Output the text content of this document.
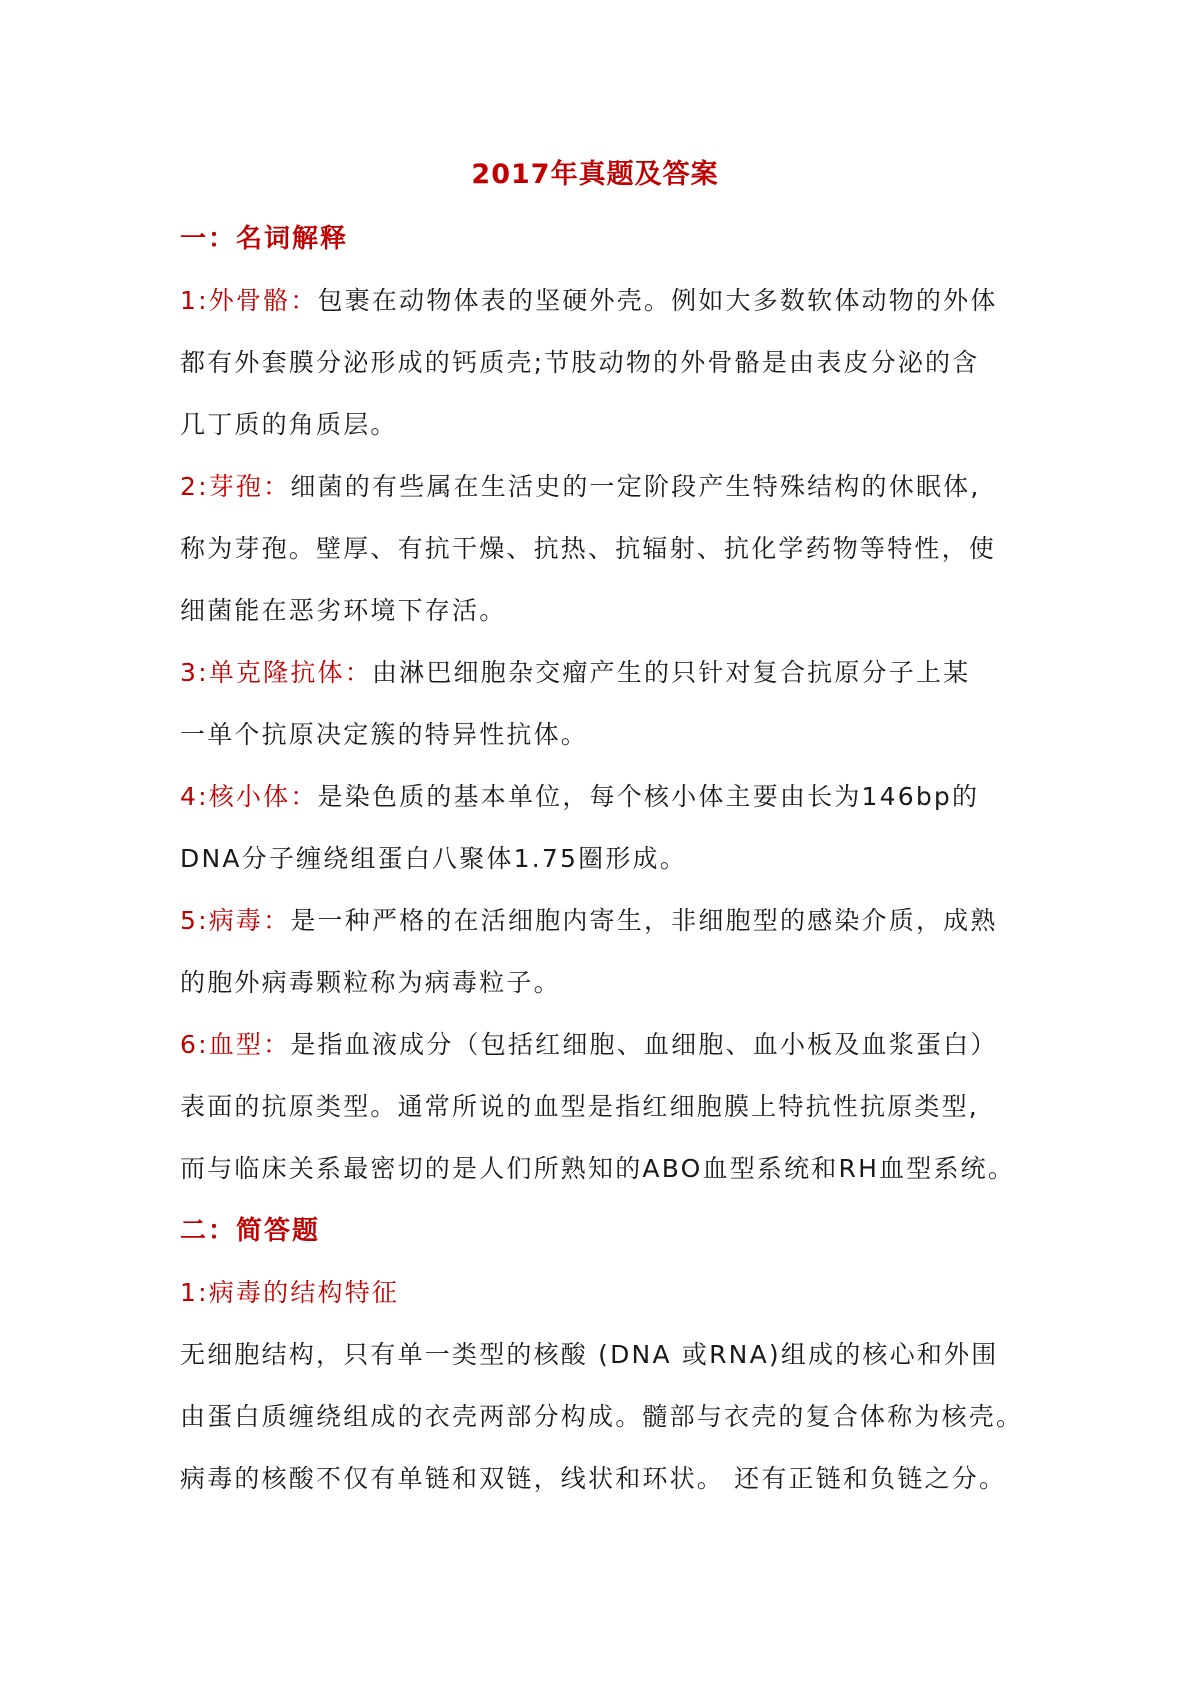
2017年真题及答案
一：名词解释
1:外骨骼：包裹在动物体表的坚硬外壳。例如大多数软体动物的外体
都有外套膜分泌形成的钙质壳;节肢动物的外骨骼是由表皮分泌的含
几丁质的角质层。
2:芽孢：细菌的有些属在生活史的一定阶段产生特殊结构的休眠体,
称为芽孢。壁厚、有抗干燥、抗热、抗辐射、抗化学药物等特性，使
细菌能在恶劣环境下存活。
3:单克隆抗体：由淋巴细胞杂交瘤产生的只针对复合抗原分子上某
一单个抗原决定簇的特异性抗体。
4:核小体：是染色质的基本单位，每个核小体主要由长为146bp的
DNA分子缠绕组蛋白八聚体1.75圈形成。
5:病毒：是一种严格的在活细胞内寄生，非细胞型的感染介质，成熟
的胞外病毒颗粒称为病毒粒子。
6:血型：是指血液成分（包括红细胞、血细胞、血小板及血浆蛋白）
表面的抗原类型。通常所说的血型是指红细胞膜上特抗性抗原类型,
而与临床关系最密切的是人们所熟知的ABO血型系统和RH血型系统。
二：简答题
1:病毒的结构特征
无细胞结构，只有单一类型的核酸 (DNA 或RNA)组成的核心和外围
由蛋白质缠绕组成的衣壳两部分构成。髓部与衣壳的复合体称为核壳。
病毒的核酸不仅有单链和双链，线状和环状。 还有正链和负链之分。
